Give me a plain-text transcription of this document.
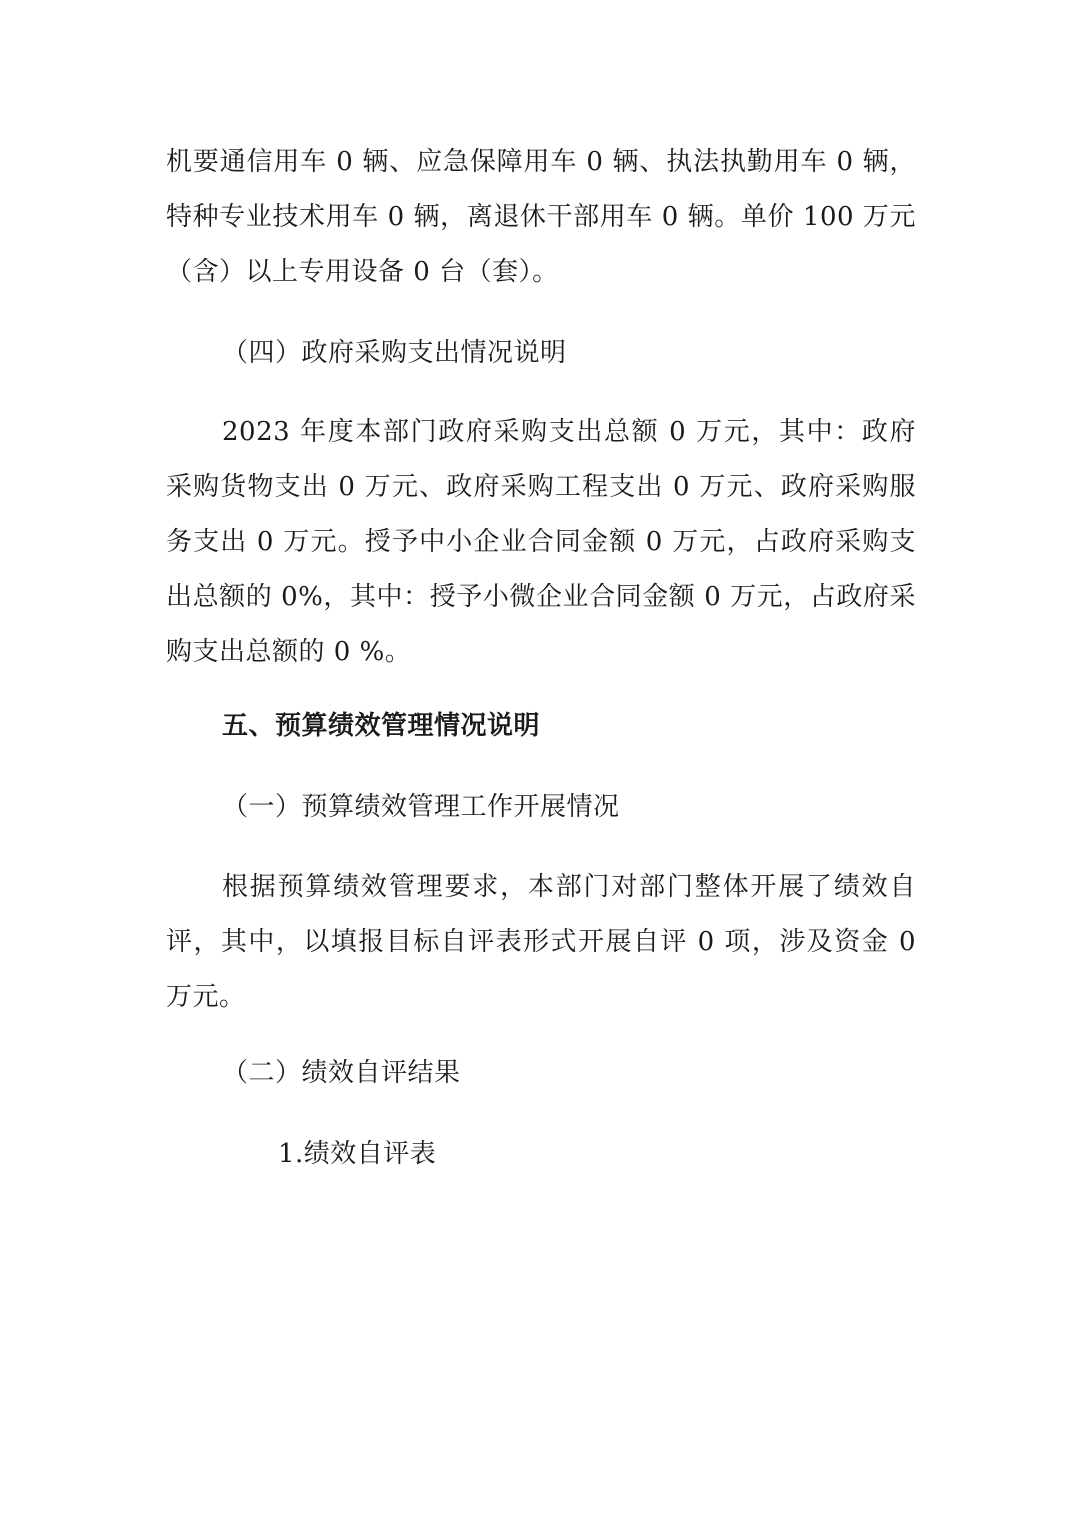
机要通信用车 0 辆、应急保障用车 0 辆、执法执勤用车 0 辆，特种专业技术用车 0 辆，离退休干部用车 0 辆。单价 100 万元（含）以上专用设备 0 台（套）。

（四）政府采购支出情况说明

2023 年度本部门政府采购支出总额 0 万元，其中：政府采购货物支出 0 万元、政府采购工程支出 0 万元、政府采购服务支出 0 万元。授予中小企业合同金额 0 万元，占政府采购支出总额的 0%，其中：授予小微企业合同金额 0 万元，占政府采购支出总额的 0 %。

五、预算绩效管理情况说明
（一）预算绩效管理工作开展情况

根据预算绩效管理要求，本部门对部门整体开展了绩效自评，其中，以填报目标自评表形式开展自评 0 项，涉及资金 0 万元。

（二）绩效自评结果
1.绩效自评表
